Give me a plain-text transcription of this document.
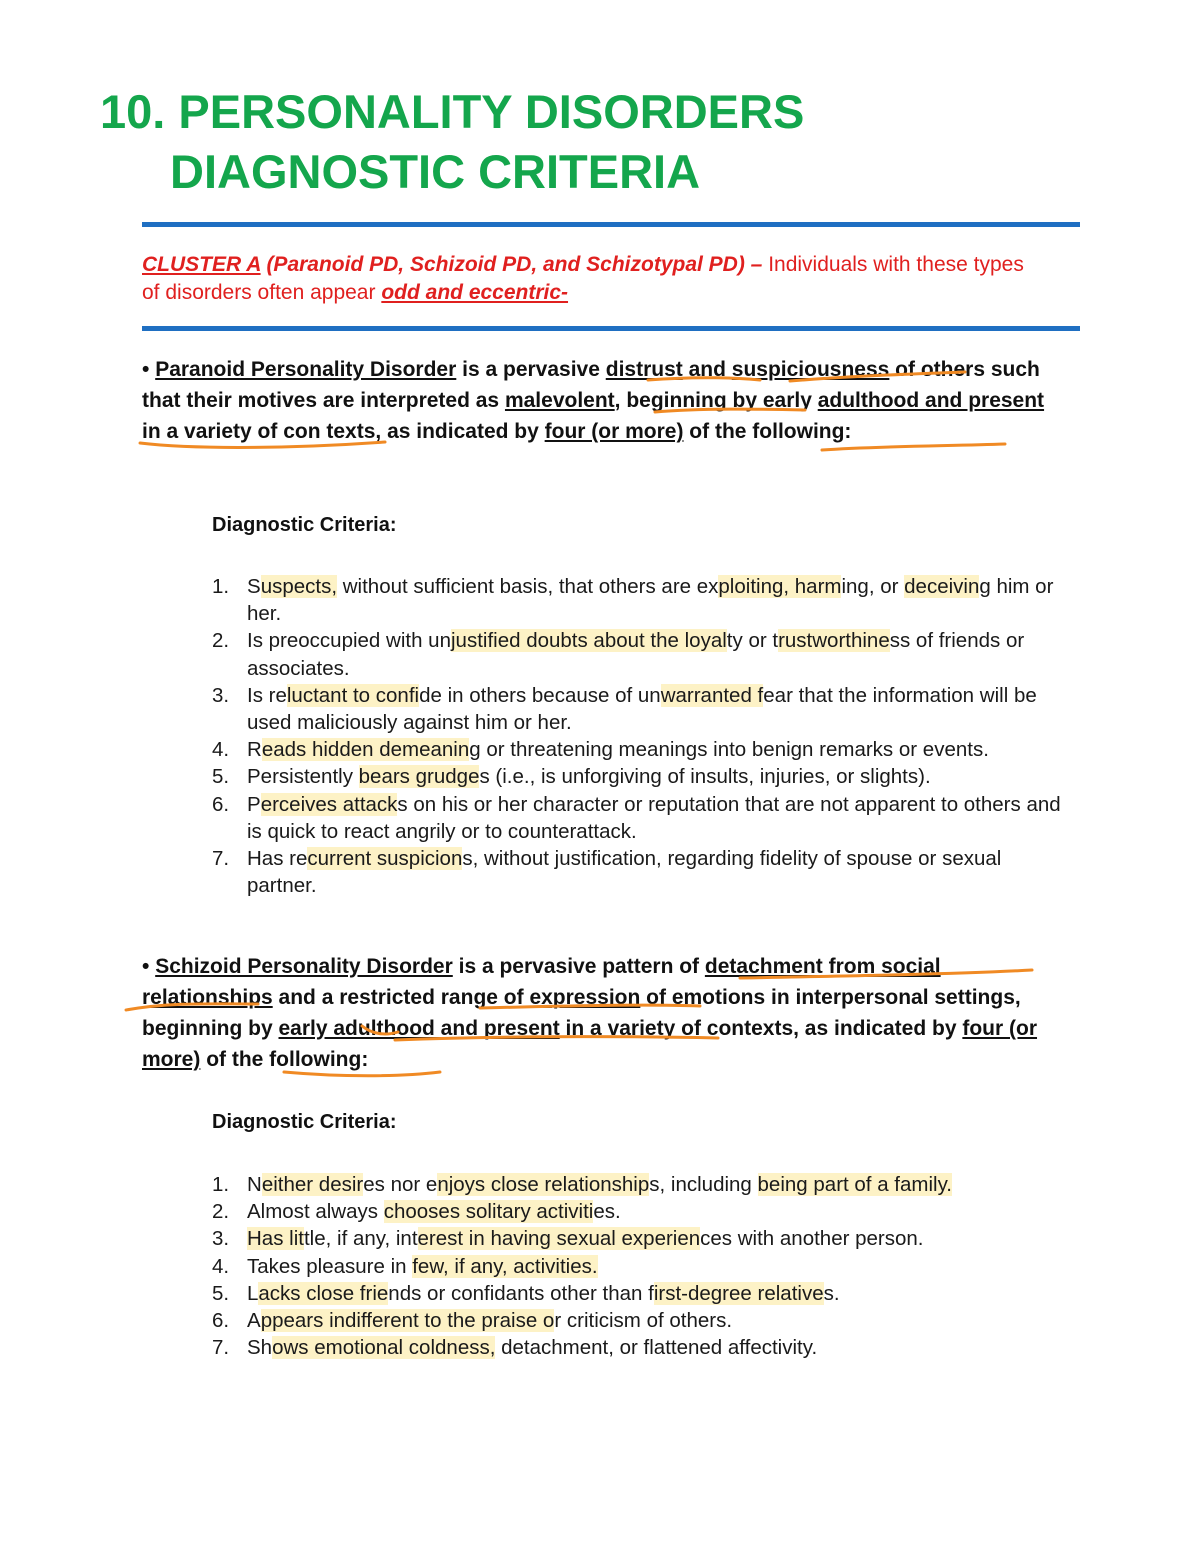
10. PERSONALITY DISORDERS
DIAGNOSTIC CRITERIA

CLUSTER A (Paranoid PD, Schizoid PD, and Schizotypal PD) – Individuals with these types of disorders often appear odd and eccentric-

• Paranoid Personality Disorder is a pervasive distrust and suspiciousness of others such that their motives are interpreted as malevolent, beginning by early adulthood and present in a variety of con texts, as indicated by four (or more) of the following:

Diagnostic Criteria:

1. Suspects, without sufficient basis, that others are exploiting, harming, or deceiving him or her.
2. Is preoccupied with unjustified doubts about the loyalty or trustworthiness of friends or associates.
3. Is reluctant to confide in others because of unwarranted fear that the information will be used maliciously against him or her.
4. Reads hidden demeaning or threatening meanings into benign remarks or events.
5. Persistently bears grudges (i.e., is unforgiving of insults, injuries, or slights).
6. Perceives attacks on his or her character or reputation that are not apparent to others and is quick to react angrily or to counterattack.
7. Has recurrent suspicions, without justification, regarding fidelity of spouse or sexual partner.

• Schizoid Personality Disorder is a pervasive pattern of detachment from social relationships and a restricted range of expression of emotions in interpersonal settings, beginning by early adulthood and present in a variety of contexts, as indicated by four (or more) of the following:

Diagnostic Criteria:

1. Neither desires nor enjoys close relationships, including being part of a family.
2. Almost always chooses solitary activities.
3. Has little, if any, interest in having sexual experiences with another person.
4. Takes pleasure in few, if any, activities.
5. Lacks close friends or confidants other than first-degree relatives.
6. Appears indifferent to the praise or criticism of others.
7. Shows emotional coldness, detachment, or flattened affectivity.
